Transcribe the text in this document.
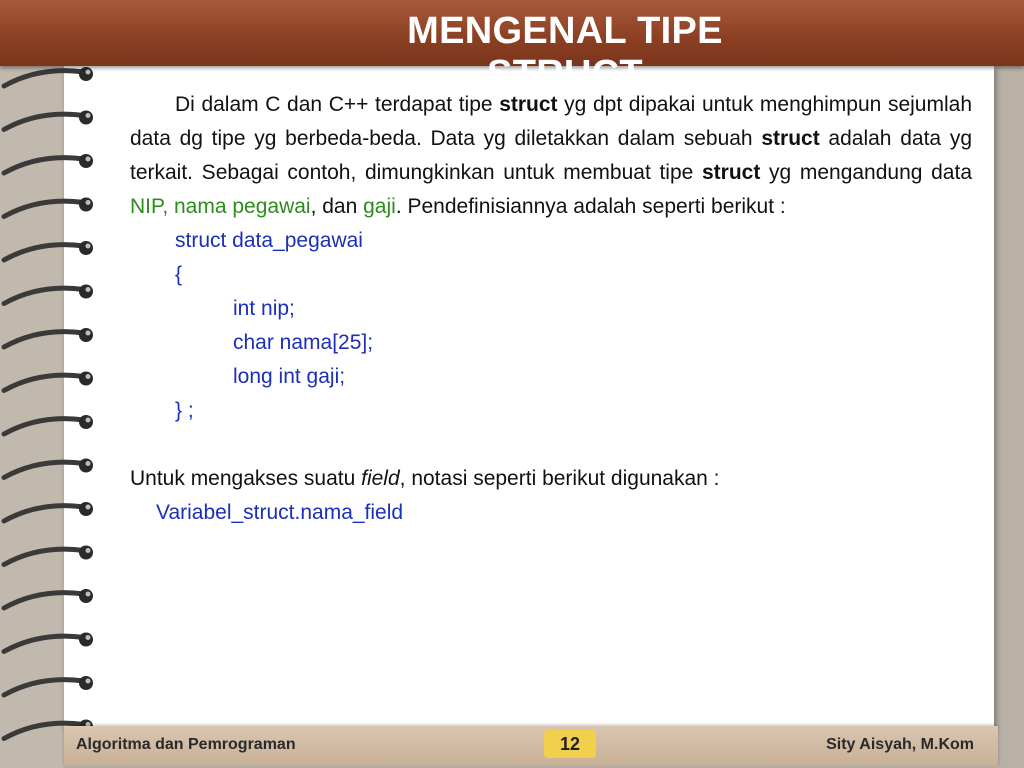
MENGENAL TIPE STRUCT

Di dalam C dan C++ terdapat tipe struct yg dpt dipakai untuk menghimpun sejumlah data dg tipe yg berbeda-beda. Data yg diletakkan dalam sebuah struct adalah data yg terkait. Sebagai contoh, dimungkinkan untuk membuat tipe struct yg mengandung data NIP, nama pegawai, dan gaji. Pendefinisiannya adalah seperti berikut :

struct data_pegawai
{
int nip;
char nama[25];
long int gaji;
} ;

Untuk mengakses suatu field, notasi seperti berikut digunakan :

Variabel_struct.nama_field
Algoritma dan Pemrograman	12	Sity Aisyah, M.Kom
